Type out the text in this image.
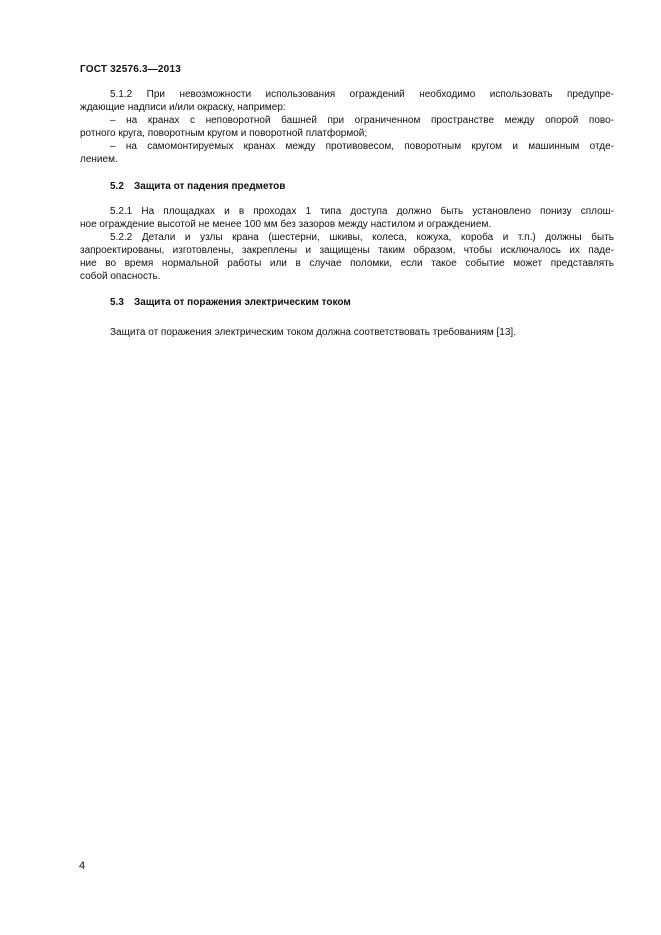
ГОСТ 32576.3—2013
5.1.2 При невозможности использования ограждений необходимо использовать предупре-
ждающие надписи и/или окраску, например:
– на кранах с неповоротной башней при ограниченном пространстве между опорой пово-
ротного круга, поворотным кругом и поворотной платформой;
– на самомонтируемых кранах между противовесом, поворотным кругом и машинным отде-
лением.
5.2 Защита от падения предметов
5.2.1 На площадках и в проходах 1 типа доступа должно быть установлено понизу сплош-
ное ограждение высотой не менее 100 мм без зазоров между настилом и ограждением.
5.2.2 Детали и узлы крана (шестерни, шкивы, колеса, кожуха, короба и т.п.) должны быть
запроектированы, изготовлены, закреплены и защищены таким образом, чтобы исключалось их паде-
ние во время нормальной работы или в случае поломки, если такое событие может представлять
собой опасность.
5.3 Защита от поражения электрическим током
Защита от поражения электрическим током должна соответствовать требованиям [13].
4
